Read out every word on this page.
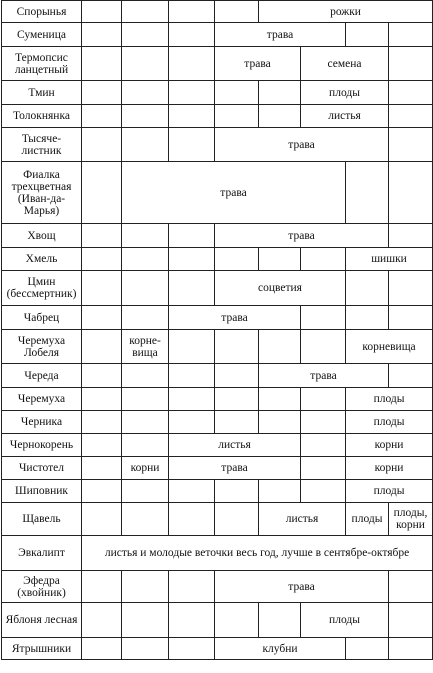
Спорынья					рожки				
Суменица				трава					
Термопсис ланцетный				трава		семена			
Тмин						плоды			
Толокнянка						листья			
Тысяче-листник				трава					
Фиалка трехцветная (Иван-да-Марья)		трава							
Хвощ				трава					
Хмель							шишки		
Цмин (бессмертник)				соцветия					
Чабрец			трава						
Черемуха Лобеля		корне-вища					корневища		
Череда					трава				
Черемуха							плоды		
Черника							плоды		
Чернокорень			листья				корни		
Чистотел		корни	трава				корни		
Шиповник							плоды		
Щавель					листья		плоды	плоды, корни	
Эвкалипт	листья и молодые веточки весь год, лучше в сентябре-октябре								
Эфедра (хвойник)				трава					
Яблоня лесная						плоды			
Ятрышники				клубни					
